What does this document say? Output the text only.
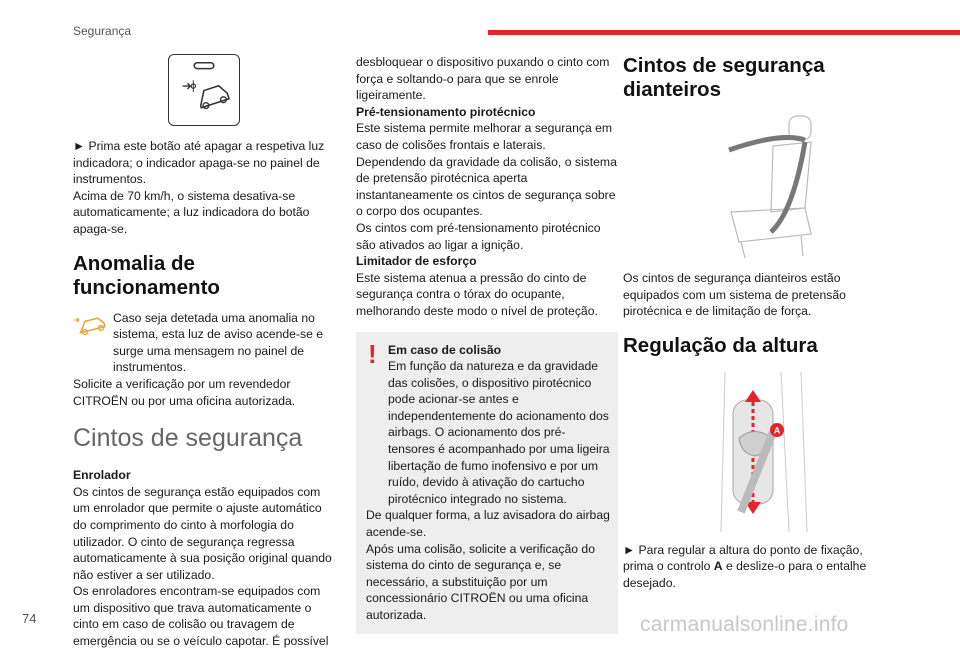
Segurança

► Prima este botão até apagar a respetiva luz indicadora; o indicador apaga-se no painel de instrumentos.

Acima de 70 km/h, o sistema desativa-se automaticamente; a luz indicadora do botão apaga-se.

Anomalia de funcionamento

Caso seja detetada uma anomalia no sistema, esta luz de aviso acende-se e surge uma mensagem no painel de instrumentos.

Solicite a verificação por um revendedor CITROËN ou por uma oficina autorizada.

Cintos de segurança

Enrolador

Os cintos de segurança estão equipados com um enrolador que permite o ajuste automático do comprimento do cinto à morfologia do utilizador. O cinto de segurança regressa automaticamente à sua posição original quando não estiver a ser utilizado.

Os enroladores encontram-se equipados com um dispositivo que trava automaticamente o cinto em caso de colisão ou travagem de emergência ou se o veículo capotar. É possível

desbloquear o dispositivo puxando o cinto com força e soltando-o para que se enrole ligeiramente.

Pré-tensionamento pirotécnico

Este sistema permite melhorar a segurança em caso de colisões frontais e laterais. Dependendo da gravidade da colisão, o sistema de pretensão pirotécnica aperta instantaneamente os cintos de segurança sobre o corpo dos ocupantes.

Os cintos com pré-tensionamento pirotécnico são ativados ao ligar a ignição.

Limitador de esforço

Este sistema atenua a pressão do cinto de segurança contra o tórax do ocupante, melhorando deste modo o nível de proteção.

! Em caso de colisão

Em função da natureza e da gravidade das colisões, o dispositivo pirotécnico pode acionar-se antes e independentemente do acionamento dos airbags. O acionamento dos pré-tensores é acompanhado por uma ligeira libertação de fumo inofensivo e por um ruído, devido à ativação do cartucho pirotécnico integrado no sistema.

De qualquer forma, a luz avisadora do airbag acende-se.

Após uma colisão, solicite a verificação do sistema do cinto de segurança e, se necessário, a substituição por um concessionário CITROËN ou uma oficina autorizada.

Cintos de segurança dianteiros

Os cintos de segurança dianteiros estão equipados com um sistema de pretensão pirotécnica e de limitação de força.

Regulação da altura
A

► Para regular a altura do ponto de fixação, prima o controlo A e deslize-o para o entalhe desejado.

74	carmanualsonline.info
